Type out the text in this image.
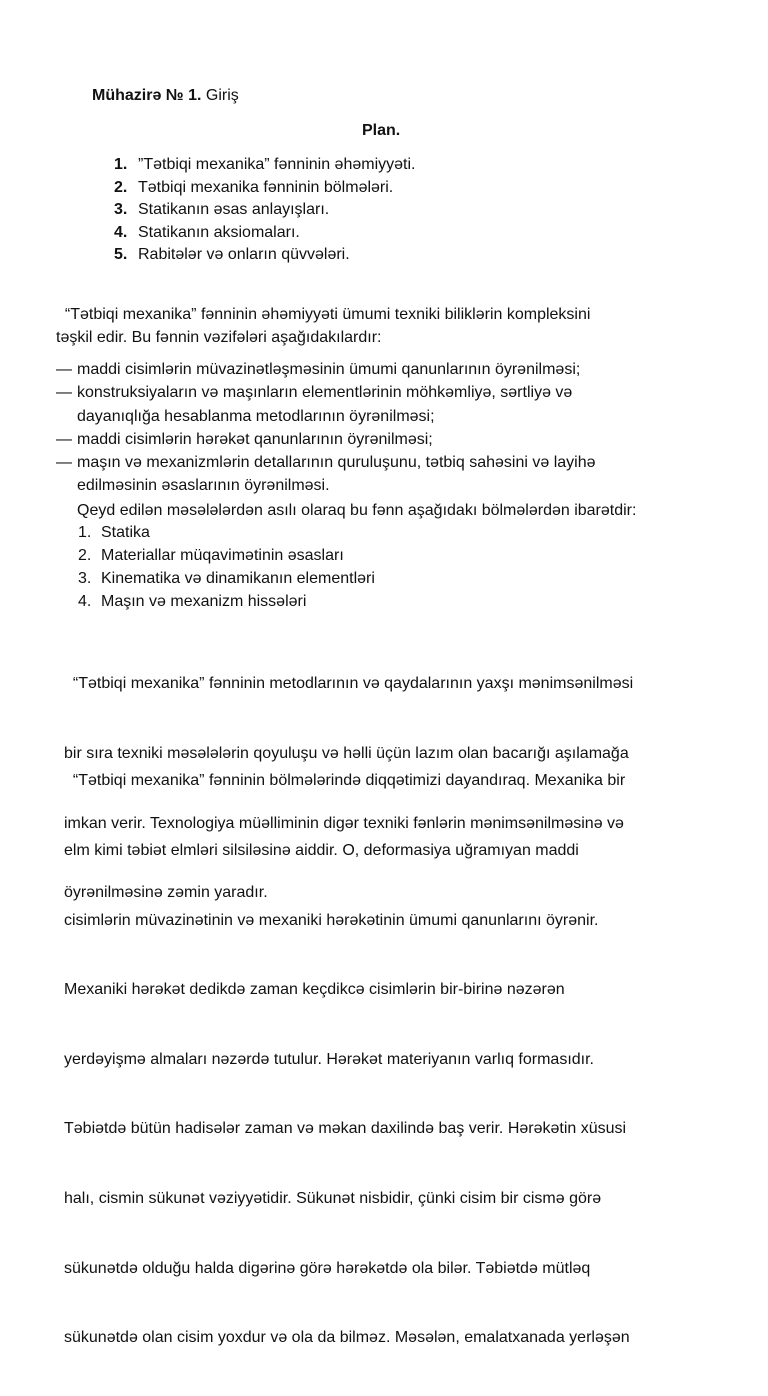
Mühazirə № 1. Giriş
Plan.
1. ”Tətbiqi mexanika” fənninin əhəmiyyəti.
2. Tətbiqi mexanika fənninin bölmələri.
3. Statikanın əsas anlayışları.
4. Statikanın aksiomaları.
5. Rabitələr və onların qüvvələri.

“Tətbiqi mexanika” fənninin əhəmiyyəti ümumi texniki biliklərin kompleksini
təşkil edir. Bu fənnin vəzifələri aşağıdakılardır:

— maddi cisimlərin müvazinətləşməsinin ümumi qanunlarının öyrənilməsi;
— konstruksiyaların və maşınların elementlərinin möhkəmliyə, sərtliyə və
dayanıqlığa hesablanma metodlarının öyrənilməsi;
— maddi cisimlərin hərəkət qanunlarının öyrənilməsi;
— maşın və mexanizmlərin detallarının quruluşunu, tətbiq sahəsini və layihə
edilməsinin əsaslarının öyrənilməsi.
Qeyd edilən məsələlərdən asılı olaraq bu fənn aşağıdakı bölmələrdən ibarətdir:
1. Statika
2. Materiallar müqavimətinin əsasları
3. Kinematika və dinamikanın elementləri
4. Maşın və mexanizm hissələri

“Tətbiqi mexanika” fənninin metodlarının və qaydalarının yaxşı mənimsənilməsi

bir sıra texniki məsələlərin qoyuluşu və həlli üçün lazım olan bacarığı aşılamağa

imkan verir. Texnologiya müəlliminin digər texniki fənlərin mənimsənilməsinə və

öyrənilməsinə zəmin yaradır.

“Tətbiqi mexanika” fənninin bölmələrində diqqətimizi dayandıraq. Mexanika bir

elm kimi təbiət elmləri silsiləsinə aiddir. O, deformasiya uğramıyan maddi

cisimlərin müvazinətinin və mexaniki hərəkətinin ümumi qanunlarını öyrənir.

Mexaniki hərəkət dedikdə zaman keçdikcə cisimlərin bir-birinə nəzərən

yerdəyişmə almaları nəzərdə tutulur. Hərəkət materiyanın varlıq formasıdır.

Təbiətdə bütün hadisələr zaman və məkan daxilində baş verir. Hərəkətin xüsusi

halı, cismin sükunət vəziyyətidir. Sükunət nisbidir, çünki cisim bir cismə görə

sükunətdə olduğu halda digərinə görə hərəkətdə ola bilər. Təbiətdə mütləq

sükunətdə olan cisim yoxdur və ola da bilməz. Məsələn, emalatxanada yerləşən
